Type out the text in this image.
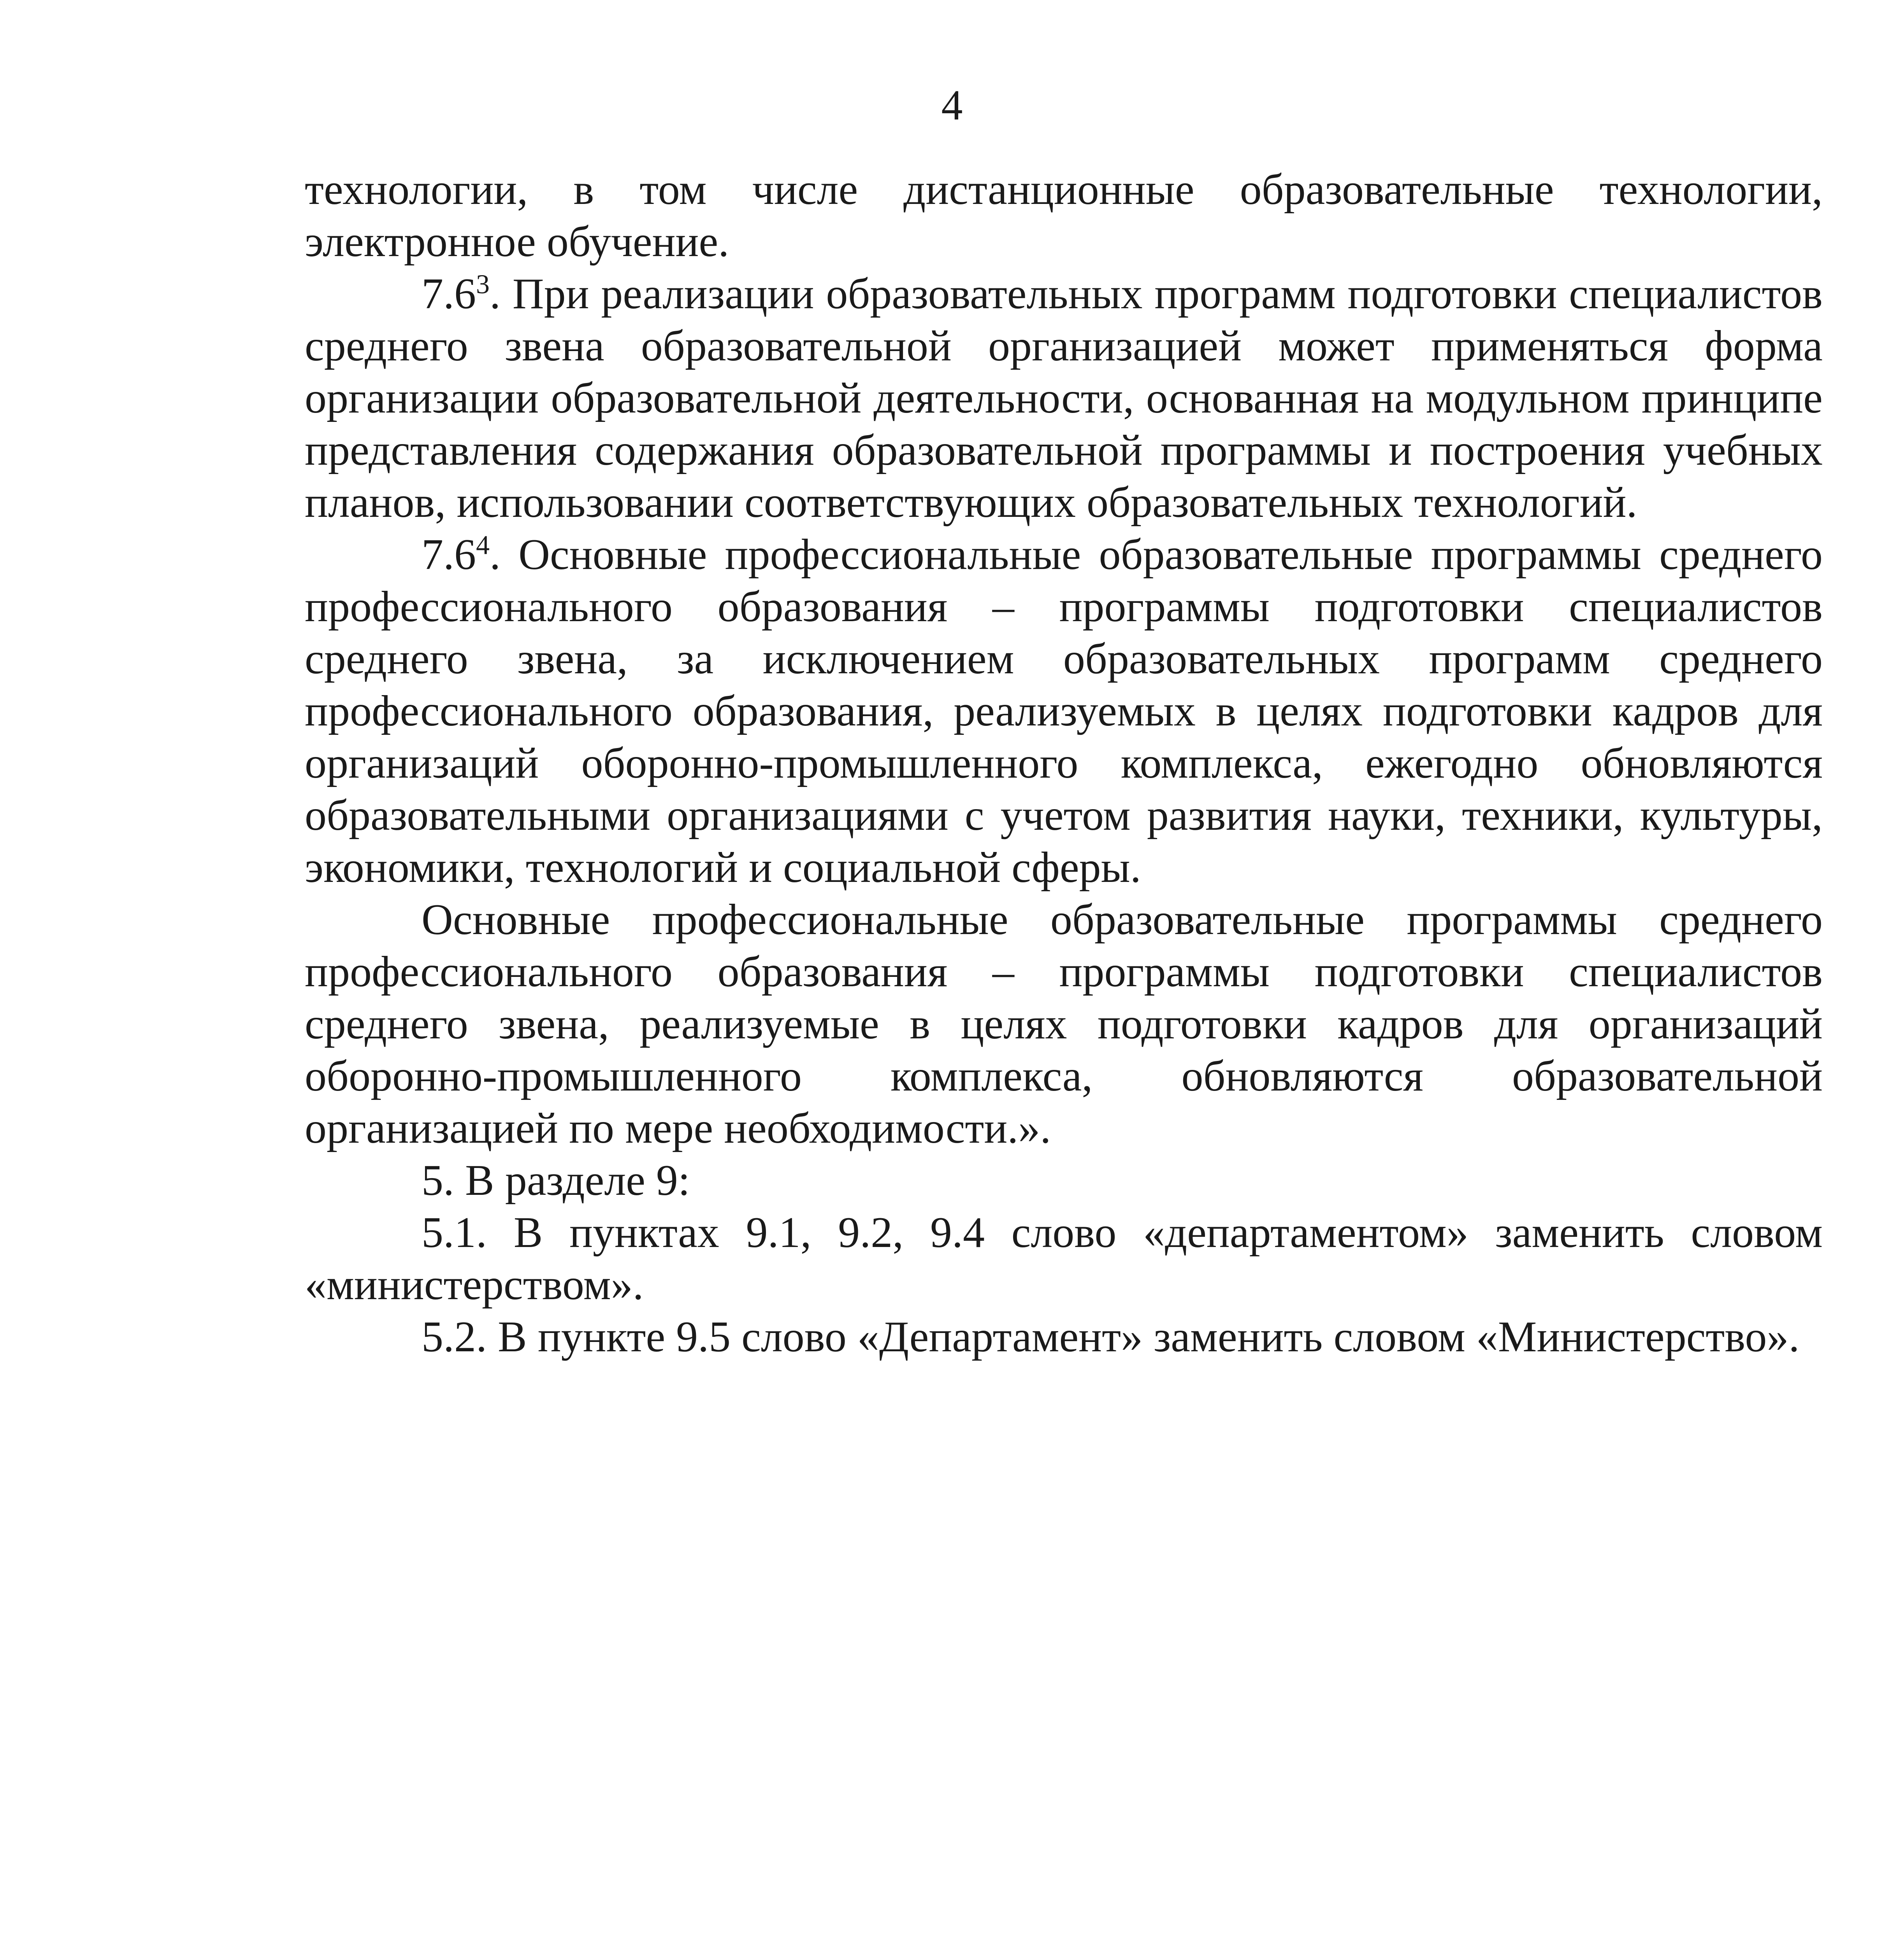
4

технологии, в том числе дистанционные образовательные технологии, электронное обучение.

$7.6^3$. При реализации образовательных программ подготовки специалистов среднего звена образовательной организацией может применяться форма организации образовательной деятельности, основанная на модульном принципе представления содержания образовательной программы и построения учебных планов, использовании соответствующих образовательных технологий.

$7.6^4$. Основные профессиональные образовательные программы среднего профессионального образования – программы подготовки специалистов среднего звена, за исключением образовательных программ среднего профессионального образования, реализуемых в целях подготовки кадров для организаций оборонно-промышленного комплекса, ежегодно обновляются образовательными организациями с учетом развития науки, техники, культуры, экономики, технологий и социальной сферы.

Основные профессиональные образовательные программы среднего профессионального образования – программы подготовки специалистов среднего звена, реализуемые в целях подготовки кадров для организаций оборонно-промышленного комплекса, обновляются образовательной организацией по мере необходимости.».

5. В разделе 9:

5.1. В пунктах 9.1, 9.2, 9.4 слово «департаментом» заменить словом «министерством».

5.2. В пункте 9.5 слово «Департамент» заменить словом «Министерство».
